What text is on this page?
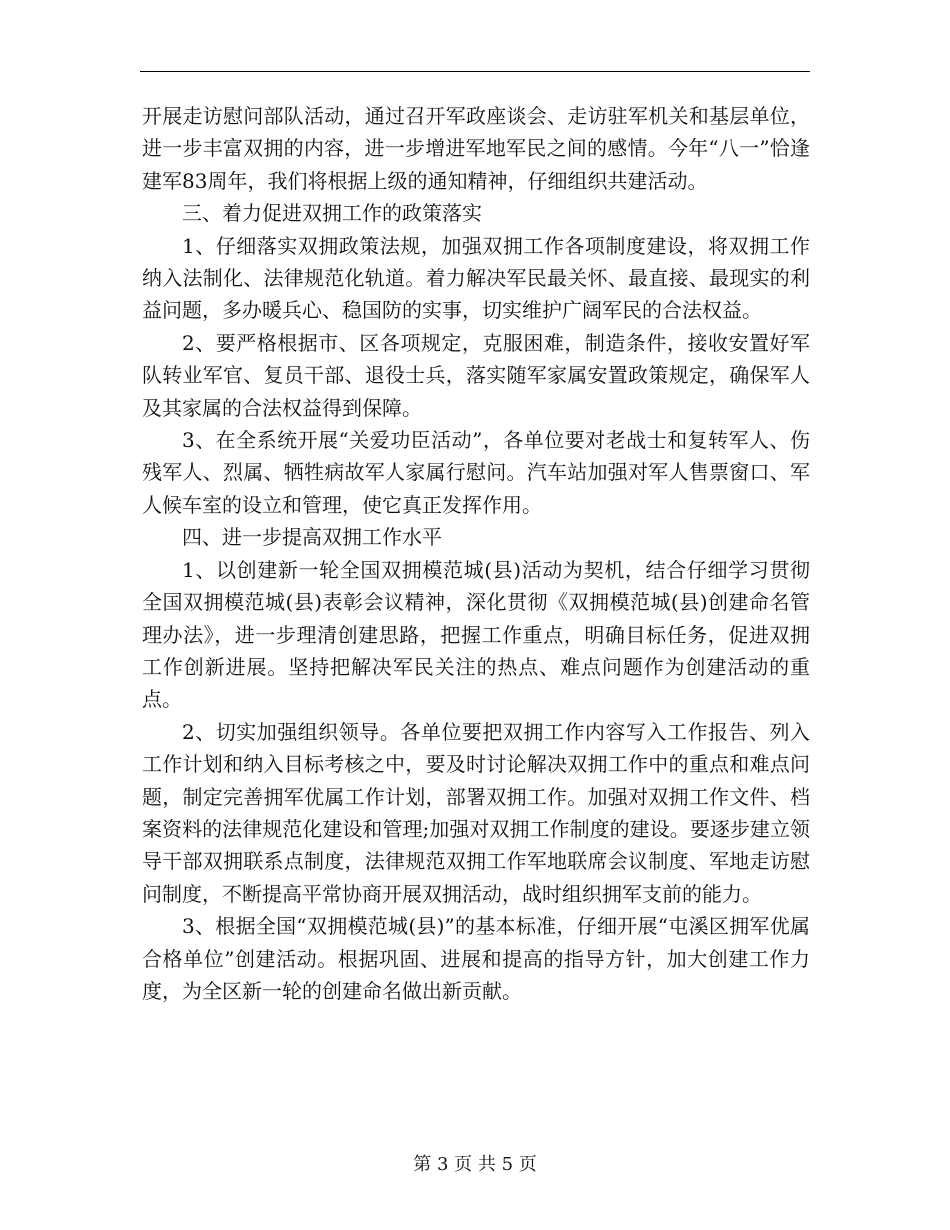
开展走访慰问部队活动，通过召开军政座谈会、走访驻军机关和基层单位，进一步丰富双拥的内容，进一步增进军地军民之间的感情。今年“八一”恰逢建军83周年，我们将根据上级的通知精神，仔细组织共建活动。

三、着力促进双拥工作的政策落实

1、仔细落实双拥政策法规，加强双拥工作各项制度建设，将双拥工作纳入法制化、法律规范化轨道。着力解决军民最关怀、最直接、最现实的利益问题，多办暖兵心、稳国防的实事，切实维护广阔军民的合法权益。

2、要严格根据市、区各项规定，克服困难，制造条件，接收安置好军队转业军官、复员干部、退役士兵，落实随军家属安置政策规定，确保军人及其家属的合法权益得到保障。

3、在全系统开展“关爱功臣活动”，各单位要对老战士和复转军人、伤残军人、烈属、牺牲病故军人家属行慰问。汽车站加强对军人售票窗口、军人候车室的设立和管理，使它真正发挥作用。

四、进一步提高双拥工作水平

1、以创建新一轮全国双拥模范城(县)活动为契机，结合仔细学习贯彻全国双拥模范城(县)表彰会议精神，深化贯彻《双拥模范城(县)创建命名管理办法》，进一步理清创建思路，把握工作重点，明确目标任务，促进双拥工作创新进展。坚持把解决军民关注的热点、难点问题作为创建活动的重点。

2、切实加强组织领导。各单位要把双拥工作内容写入工作报告、列入工作计划和纳入目标考核之中，要及时讨论解决双拥工作中的重点和难点问题，制定完善拥军优属工作计划，部署双拥工作。加强对双拥工作文件、档案资料的法律规范化建设和管理;加强对双拥工作制度的建设。要逐步建立领导干部双拥联系点制度，法律规范双拥工作军地联席会议制度、军地走访慰问制度，不断提高平常协商开展双拥活动，战时组织拥军支前的能力。

3、根据全国“双拥模范城(县)”的基本标准，仔细开展“屯溪区拥军优属合格单位”创建活动。根据巩固、进展和提高的指导方针，加大创建工作力度，为全区新一轮的创建命名做出新贡献。

第 3 页 共 5 页
